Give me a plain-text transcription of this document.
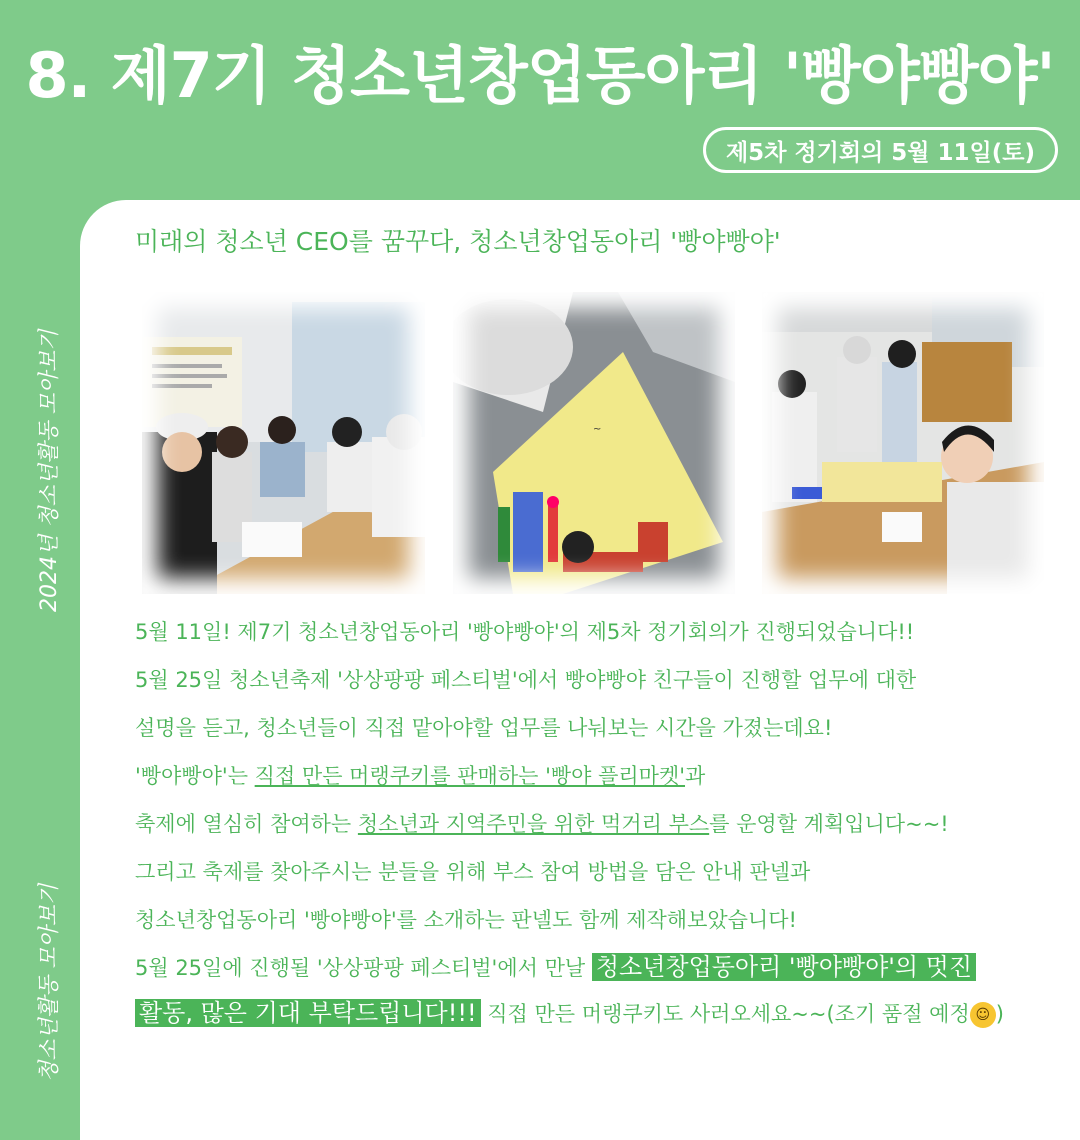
8. 제7기 청소년창업동아리 '빵야빵야'
제5차 정기회의 5월 11일(토)
2024년 청소년활동 모아보기
청소년활동 모아보기
미래의 청소년 CEO를 꿈꾸다, 청소년창업동아리 '빵야빵야'
~
5월 11일! 제7기 청소년창업동아리 '빵야빵야'의 제5차 정기회의가 진행되었습니다!!
5월 25일 청소년축제 '상상팡팡 페스티벌'에서 빵야빵야 친구들이 진행할 업무에 대한
설명을 듣고, 청소년들이 직접 맡아야할 업무를 나눠보는 시간을 가졌는데요!
'빵야빵야'는 직접 만든 머랭쿠키를 판매하는 '빵야 플리마켓'과
축제에 열심히 참여하는 청소년과 지역주민을 위한 먹거리 부스를 운영할 계획입니다~~!
그리고 축제를 찾아주시는 분들을 위해 부스 참여 방법을 담은 안내 판넬과
청소년창업동아리 '빵야빵야'를 소개하는 판넬도 함께 제작해보았습니다!
5월 25일에 진행될 '상상팡팡 페스티벌'에서 만날 청소년창업동아리 '빵야빵야'의 멋진
활동, 많은 기대 부탁드립니다!!! 직접 만든 머랭쿠키도 사러오세요~~(조기 품절 예정 ☺ )
